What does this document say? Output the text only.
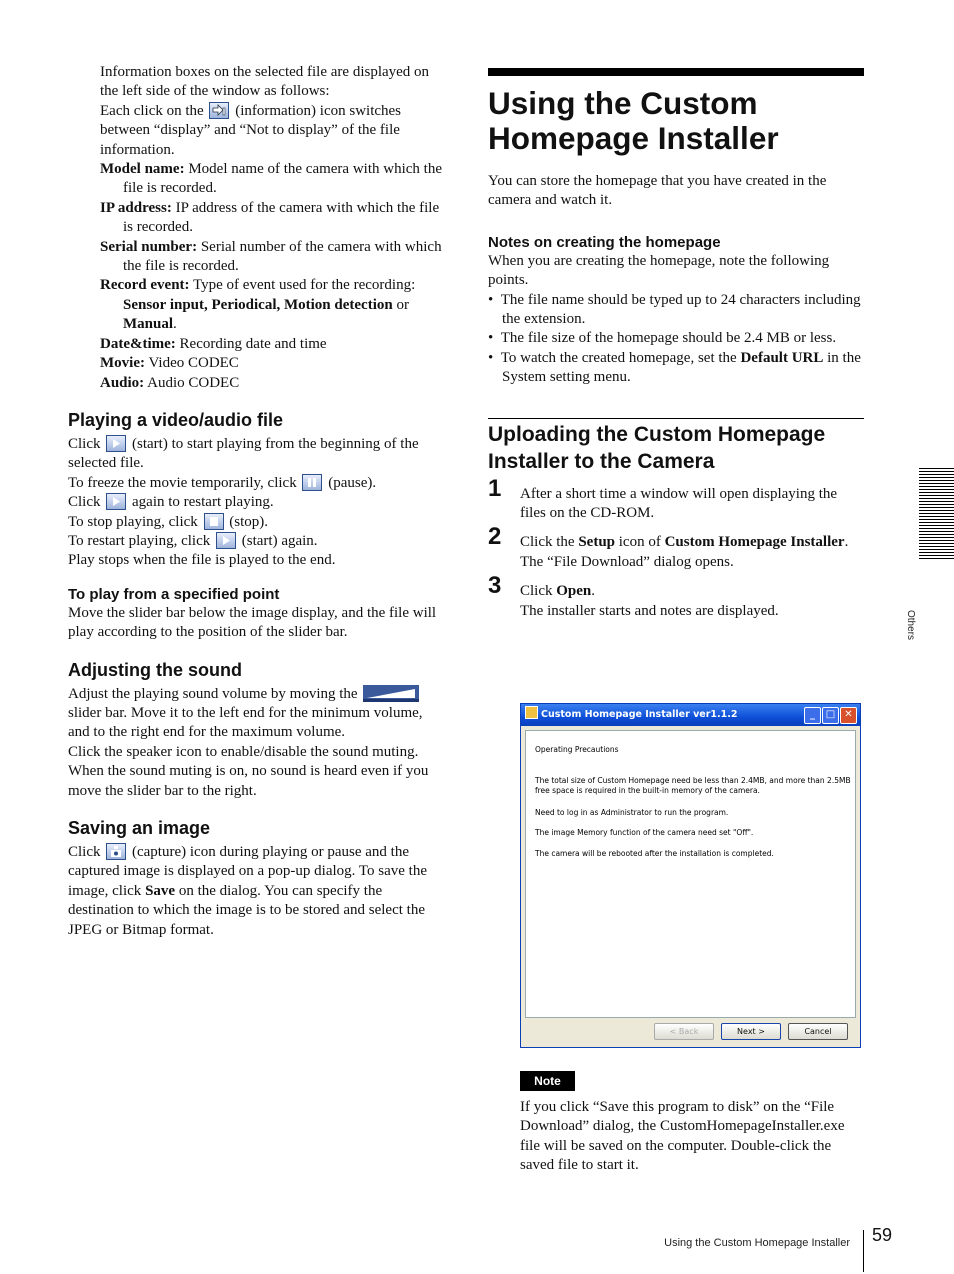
Information boxes on the selected file are displayed on the left side of the window as follows:

Each click on the (information) icon switches between “display” and “Not to display” of the file information.

Model name: Model name of the camera with which the file is recorded.

IP address: IP address of the camera with which the file is recorded.

Serial number: Serial number of the camera with which the file is recorded.

Record event: Type of event used for the recording: Sensor input, Periodical, Motion detection or Manual.

Date&time: Recording date and time

Movie: Video CODEC

Audio: Audio CODEC

Playing a video/audio file

Click (start) to start playing from the beginning of the selected file.

To freeze the movie temporarily, click (pause).

Click again to restart playing.

To stop playing, click (stop).

To restart playing, click (start) again.

Play stops when the file is played to the end.

To play from a specified point

Move the slider bar below the image display, and the file will play according to the position of the slider bar.

Adjusting the sound

Adjust the playing sound volume by moving the  slider bar. Move it to the left end for the minimum volume, and to the right end for the maximum volume.

Click the speaker icon to enable/disable the sound muting.

When the sound muting is on, no sound is heard even if you move the slider bar to the right.

Saving an image

Click (capture) icon during playing or pause and the captured image is displayed on a pop-up dialog. To save the image, click Save on the dialog. You can specify the destination to which the image is to be stored and select the JPEG or Bitmap format.

Using the Custom Homepage Installer

You can store the homepage that you have created in the camera and watch it.

Notes on creating the homepage

When you are creating the homepage, note the following points.

•  The file name should be typed up to 24 characters including the extension.

•  The file size of the homepage should be 2.4 MB or less.

•  To watch the created homepage, set the Default URL in the System setting menu.

Uploading the Custom Homepage Installer to the Camera
1 After a short time a window will open displaying the files on the CD-ROM.

2 Click the Setup icon of Custom Homepage Installer.

The “File Download” dialog opens.

3 Click Open.

The installer starts and notes are displayed.

Custom Homepage Installer ver1.1.2	_	□ ✕

Operating Precautions

The total size of Custom Homepage need be less than 2.4MB, and more than 2.5MB

free space is required in the built-in memory of the camera.

Need to log in as Administrator to run the program.

The image Memory function of the camera need set "Off".

The camera will be rebooted after the installation is completed.

< Back	Next >	Cancel
Note

If you click “Save this program to disk” on the “File Download” dialog, the CustomHomepageInstaller.exe file will be saved on the computer. Double-click the saved file to start it.

Others
Using the Custom Homepage Installer 59
